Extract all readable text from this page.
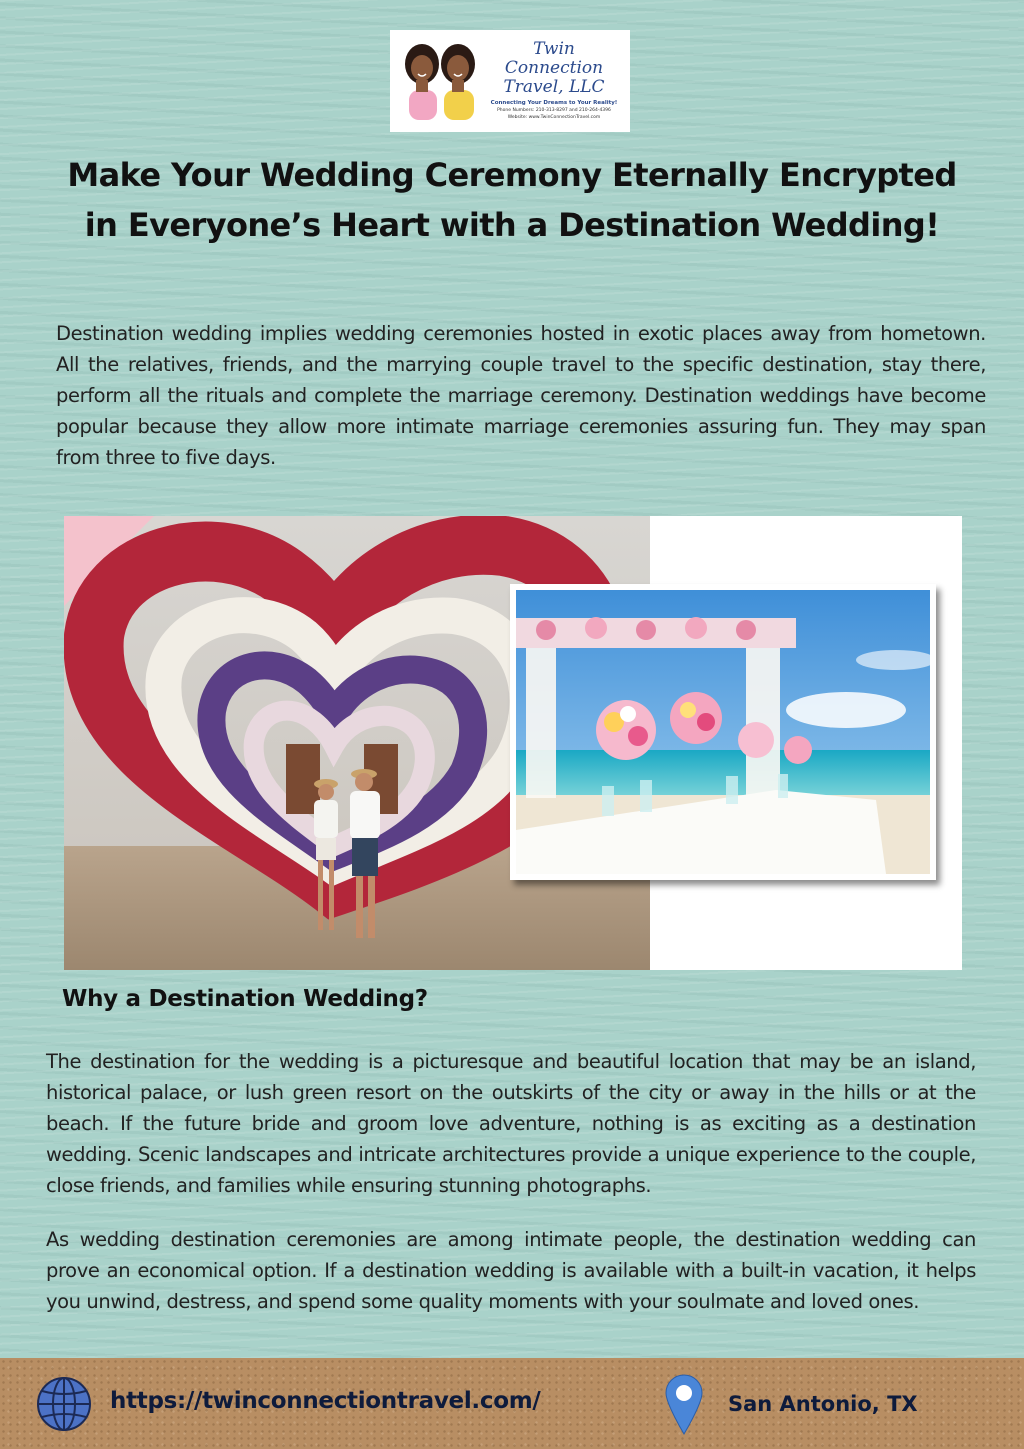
Twin Connection
Travel, LLC
Connecting Your Dreams to Your Reality!
Phone Numbers: 210-313-8297 and 210-264-4396
Website: www.TwinConnectionTravel.com
Make Your Wedding Ceremony Eternally Encrypted in Everyone’s Heart with a Destination Wedding!

Destination wedding implies wedding ceremonies hosted in exotic places away from hometown. All the relatives, friends, and the marrying couple travel to the specific destination, stay there, perform all the rituals and complete the marriage ceremony. Destination weddings have become popular because they allow more intimate marriage ceremonies assuring fun. They may span from three to five days.

Why a Destination Wedding?

The destination for the wedding is a picturesque and beautiful location that may be an island, historical palace, or lush green resort on the outskirts of the city or away in the hills or at the beach. If the future bride and groom love adventure, nothing is as exciting as a destination wedding. Scenic landscapes and intricate architectures provide a unique experience to the couple, close friends, and families while ensuring stunning photographs.

As wedding destination ceremonies are among intimate people, the destination wedding can prove an economical option. If a destination wedding is available with a built-in vacation, it helps you unwind, destress, and spend some quality moments with your soulmate and loved ones.

https://twinconnectiontravel.com/	San Antonio, TX
